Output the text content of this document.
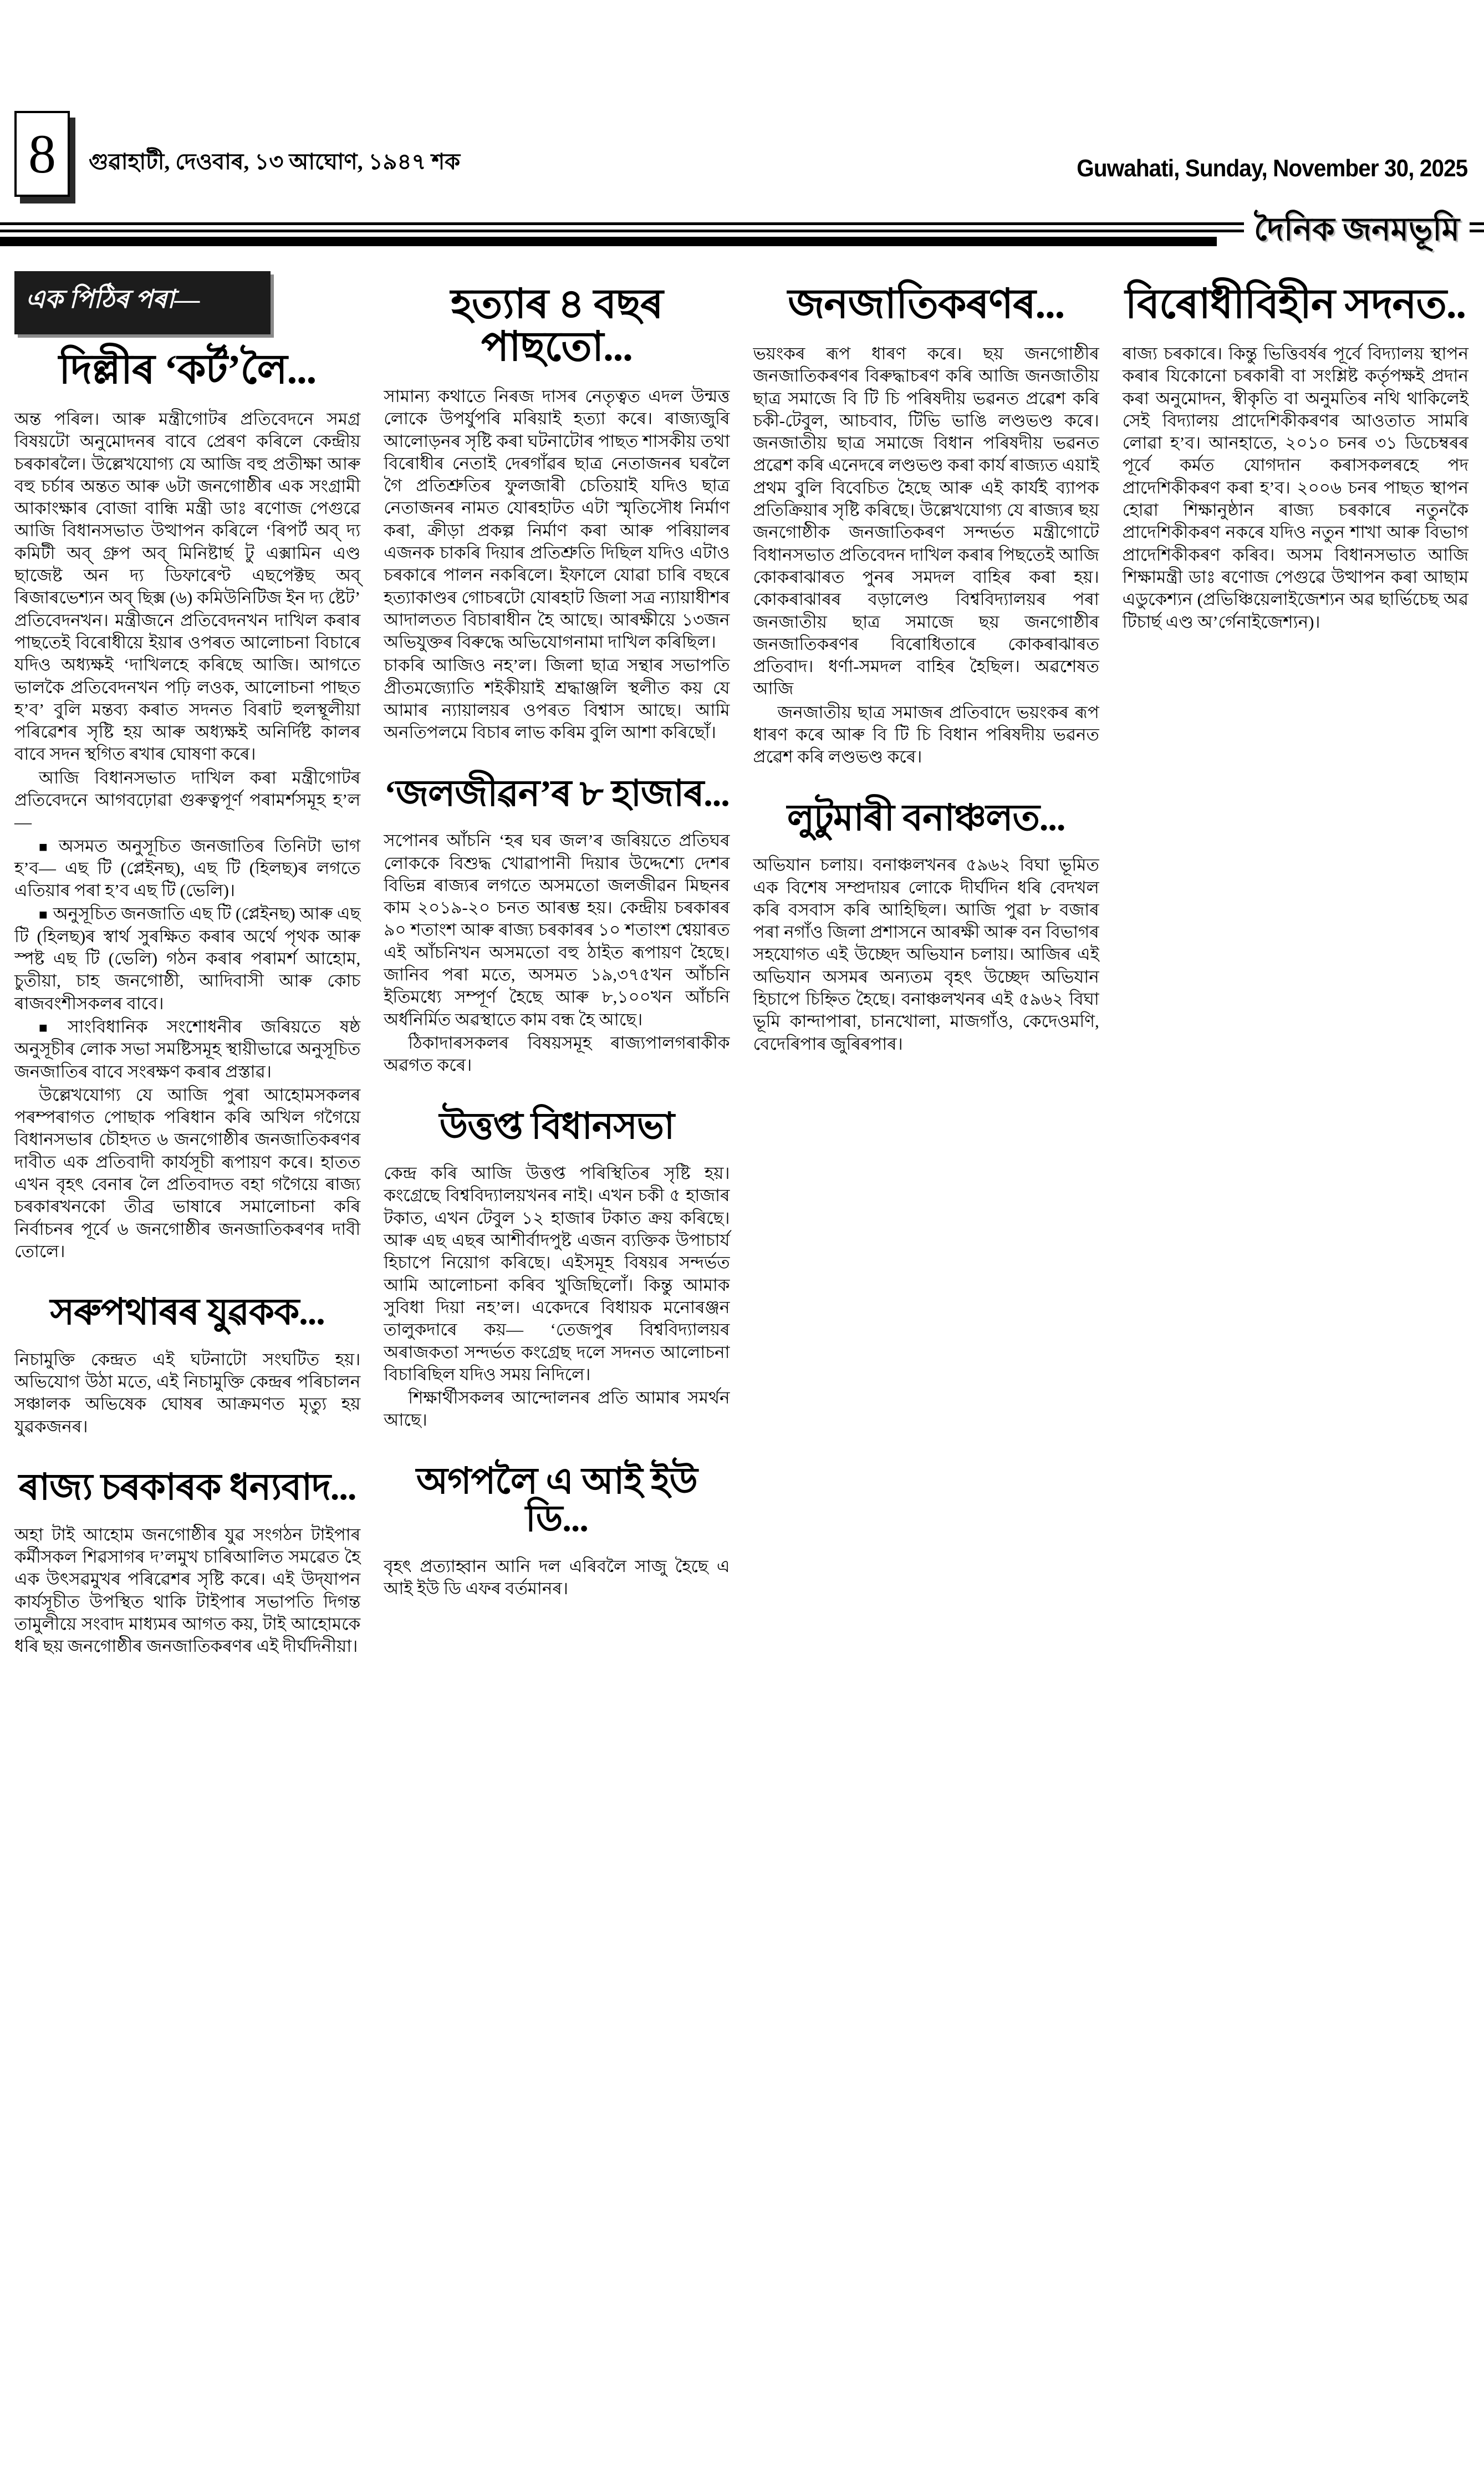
8 গুৱাহাটী, দেওবাৰ, ১৩ আঘোণ, ১৯৪৭ শক	Guwahati, Sunday, November 30, 2025
দৈনিক জনমভূমি
এক পিঠিৰ পৰা—
দিল্লীৰ ‘কৰ্ট’লৈ...

অন্ত পৰিল। আৰু মন্ত্ৰীগোটৰ প্ৰতিবেদনে সমগ্ৰ বিষয়টো অনুমোদনৰ বাবে প্ৰেৰণ কৰিলে কেন্দ্ৰীয় চৰকাৰলৈ। উল্লেখযোগ্য যে আজি বহু প্ৰতীক্ষা আৰু বহু চৰ্চাৰ অন্তত আৰু ৬টা জনগোষ্ঠীৰ এক সংগ্ৰামী আকাংক্ষাৰ বোজা বান্ধি মন্ত্ৰী ডাঃ ৰণোজ পেগুৱে আজি বিধানসভাত উত্থাপন কৰিলে ‘ৰিপৰ্ট অব্‌ দ্য কমিটী অব্‌ গ্ৰুপ অব্‌ মিনিষ্টাৰ্ছ টু এক্সামিন এণ্ড ছাজেষ্ট অন দ্য ডিফাৰেণ্ট এছপেক্টছ অব্‌ ৰিজাৰভেশ্যন অব্‌ ছিক্স (৬) কমিউনিটিজ ইন দ্য ষ্টেট’ প্ৰতিবেদনখন। মন্ত্ৰীজনে প্ৰতিবেদনখন দাখিল কৰাৰ পাছতেই বিৰোধীয়ে ইয়াৰ ওপৰত আলোচনা বিচাৰে যদিও অধ্যক্ষই ‘দাখিলহে কৰিছে আজি। আগতে ভালকৈ প্ৰতিবেদনখন পঢ়ি লওক, আলোচনা পাছত হ’ব’ বুলি মন্তব্য কৰাত সদনত বিৰাট হুলস্থূলীয়া পৰিৱেশৰ সৃষ্টি হয় আৰু অধ্যক্ষই অনিৰ্দিষ্ট কালৰ বাবে সদন স্থগিত ৰখাৰ ঘোষণা কৰে।

আজি বিধানসভাত দাখিল কৰা মন্ত্ৰীগোটৰ প্ৰতিবেদনে আগবঢ়োৱা গুৰুত্বপূৰ্ণ পৰামৰ্শসমূহ হ’ল—

■ অসমত অনুসূচিত জনজাতিৰ তিনিটা ভাগ হ’ব— এছ টি (প্লেইনছ), এছ টি (হিলছ)ৰ লগতে এতিয়াৰ পৰা হ’ব এছ টি (ভেলি)।

■ অনুসূচিত জনজাতি এছ টি (প্লেইনছ) আৰু এছ টি (হিলছ)ৰ স্বাৰ্থ সুৰক্ষিত কৰাৰ অৰ্থে পৃথক আৰু স্পষ্ট এছ টি (ভেলি) গঠন কৰাৰ পৰামৰ্শ আহোম, চুতীয়া, চাহ জনগোষ্ঠী, আদিবাসী আৰু কোচ ৰাজবংশীসকলৰ বাবে।

■ সাংবিধানিক সংশোধনীৰ জৰিয়তে ষষ্ঠ অনুসূচীৰ লোক সভা সমষ্টিসমূহ স্থায়ীভাৱে অনুসূচিত জনজাতিৰ বাবে সংৰক্ষণ কৰাৰ প্ৰস্তাৱ।

উল্লেখযোগ্য যে আজি পুৰা আহোমসকলৰ পৰম্পৰাগত পোছাক পৰিধান কৰি অখিল গগৈয়ে বিধানসভাৰ চৌহদত ৬ জনগোষ্ঠীৰ জনজাতিকৰণৰ দাবীত এক প্ৰতিবাদী কাৰ্যসূচী ৰূপায়ণ কৰে। হাতত এখন বৃহৎ বেনাৰ লৈ প্ৰতিবাদত বহা গগৈয়ে ৰাজ্য চৰকাৰখনকো তীব্ৰ ভাষাৰে সমালোচনা কৰি নিৰ্বাচনৰ পূৰ্বে ৬ জনগোষ্ঠীৰ জনজাতিকৰণৰ দাবী তোলে।

সৰুপথাৰৰ যুৱকক...

নিচামুক্তি কেন্দ্ৰত এই ঘটনাটো সংঘটিত হয়। অভিযোগ উঠা মতে, এই নিচামুক্তি কেন্দ্ৰৰ পৰিচালন সঞ্চালক অভিষেক ঘোষৰ আক্ৰমণত মৃত্যু হয় যুৱকজনৰ।

ৰাজ্য চৰকাৰক ধন্যবাদ...

অহা টাই আহোম জনগোষ্ঠীৰ যুৱ সংগঠন টাইপাৰ কৰ্মীসকল শিৱসাগৰ দ’লমুখ চাৰিআলিত সমৱেত হৈ এক উৎসৱমুখৰ পৰিৱেশৰ সৃষ্টি কৰে। এই উদ্‌যাপন কাৰ্যসূচীত উপস্থিত থাকি টাইপাৰ সভাপতি দিগন্ত তামুলীয়ে সংবাদ মাধ্যমৰ আগত কয়, টাই আহোমকে ধৰি ছয় জনগোষ্ঠীৰ জনজাতিকৰণৰ এই দীৰ্ঘদিনীয়া।

হত্যাৰ ৪ বছৰ পাছতো...

সামান্য কথাতে নিৰজ দাসৰ নেতৃত্বত এদল উন্মত্ত লোকে উপৰ্যুপৰি মৰিয়াই হত্যা কৰে। ৰাজ্যজুৰি আলোড়নৰ সৃষ্টি কৰা ঘটনাটোৰ পাছত শাসকীয় তথা বিৰোধীৰ নেতাই দেৰগাঁৱৰ ছাত্ৰ নেতাজনৰ ঘৰলৈ গৈ প্ৰতিশ্ৰুতিৰ ফুলজাৰী চেতিয়াই যদিও ছাত্ৰ নেতাজনৰ নামত যোৰহাটত এটা স্মৃতিসৌধ নিৰ্মাণ কৰা, ক্ৰীড়া প্ৰকল্প নিৰ্মাণ কৰা আৰু পৰিয়ালৰ এজনক চাকৰি দিয়াৰ প্ৰতিশ্ৰুতি দিছিল যদিও এটাও চৰকাৰে পালন নকৰিলে। ইফালে যোৱা চাৰি বছৰে হত্যাকাণ্ডৰ গোচৰটো যোৰহাট জিলা সত্ৰ ন্যায়াধীশৰ আদালতত বিচাৰাধীন হৈ আছে। আৰক্ষীয়ে ১৩জন অভিযুক্তৰ বিৰুদ্ধে অভিযোগনামা দাখিল কৰিছিল।

চাকৰি আজিও নহ’ল। জিলা ছাত্ৰ সন্থাৰ সভাপতি প্ৰীতমজ্যোতি শইকীয়াই শ্ৰদ্ধাঞ্জলি স্থলীত কয় যে আমাৰ ন্যায়ালয়ৰ ওপৰত বিশ্বাস আছে। আমি অনতিপলমে বিচাৰ লাভ কৰিম বুলি আশা কৰিছোঁ।

‘জলজীৱন’ৰ ৮ হাজাৰ...

সপোনৰ আঁচনি ‘হৰ ঘৰ জল’ৰ জৰিয়তে প্ৰতিঘৰ লোককে বিশুদ্ধ খোৱাপানী দিয়াৰ উদ্দেশ্যে দেশৰ বিভিন্ন ৰাজ্যৰ লগতে অসমতো জলজীৱন মিছনৰ কাম ২০১৯-২০ চনত আৰম্ভ হয়। কেন্দ্ৰীয় চৰকাৰৰ ৯০ শতাংশ আৰু ৰাজ্য চৰকাৰৰ ১০ শতাংশ শ্বেয়াৰত এই আঁচনিখন অসমতো বহু ঠাইত ৰূপায়ণ হৈছে। জানিব পৰা মতে, অসমত ১৯,৩৭৫খন আঁচনি ইতিমধ্যে সম্পূৰ্ণ হৈছে আৰু ৮,১০০খন আঁচনি অৰ্ধনিৰ্মিত অৱস্থাতে কাম বন্ধ হৈ আছে।

ঠিকাদাৰসকলৰ বিষয়সমূহ ৰাজ্যপালগৰাকীক অৱগত কৰে।

উত্তপ্ত বিধানসভা

কেন্দ্ৰ কৰি আজি উত্তপ্ত পৰিস্থিতিৰ সৃষ্টি হয়। কংগ্ৰেছে বিশ্ববিদ্যালয়খনৰ নাই। এখন চকী ৫ হাজাৰ টকাত, এখন টেবুল ১২ হাজাৰ টকাত ক্ৰয় কৰিছে। আৰু এছ এছৰ আশীৰ্বাদপুষ্ট এজন ব্যক্তিক উপাচাৰ্য হিচাপে নিয়োগ কৰিছে। এইসমূহ বিষয়ৰ সন্দৰ্ভত আমি আলোচনা কৰিব খুজিছিলোঁ। কিন্তু আমাক সুবিধা দিয়া নহ’ল। একেদৰে বিধায়ক মনোৰঞ্জন তালুকদাৰে কয়— ‘তেজপুৰ বিশ্ববিদ্যালয়ৰ অৰাজকতা সন্দৰ্ভত কংগ্ৰেছ দলে সদনত আলোচনা বিচাৰিছিল যদিও সময় নিদিলে।

শিক্ষাৰ্থীসকলৰ আন্দোলনৰ প্ৰতি আমাৰ সমৰ্থন আছে।

অগপলৈ এ আই ইউ ডি...

বৃহৎ প্ৰত্যাহ্বান আনি দল এৰিবলৈ সাজু হৈছে এ আই ইউ ডি এফৰ বৰ্তমানৰ।

জনজাতিকৰণৰ...

ভয়ংকৰ ৰূপ ধাৰণ কৰে। ছয় জনগোষ্ঠীৰ জনজাতিকৰণৰ বিৰুদ্ধাচৰণ কৰি আজি জনজাতীয় ছাত্ৰ সমাজে বি টি চি পৰিষদীয় ভৱনত প্ৰৱেশ কৰি চকী-টেবুল, আচবাব, টিভি ভাঙি লণ্ডভণ্ড কৰে। জনজাতীয় ছাত্ৰ সমাজে বিধান পৰিষদীয় ভৱনত প্ৰৱেশ কৰি এনেদৰে লণ্ডভণ্ড কৰা কাৰ্য ৰাজ্যত এয়াই প্ৰথম বুলি বিবেচিত হৈছে আৰু এই কাৰ্যই ব্যাপক প্ৰতিক্ৰিয়াৰ সৃষ্টি কৰিছে। উল্লেখযোগ্য যে ৰাজ্যৰ ছয় জনগোষ্ঠীক জনজাতিকৰণ সন্দৰ্ভত মন্ত্ৰীগোটে বিধানসভাত প্ৰতিবেদন দাখিল কৰাৰ পিছতেই আজি কোকৰাঝাৰত পুনৰ সমদল বাহিৰ কৰা হয়। কোকৰাঝাৰৰ বড়ালেণ্ড বিশ্ববিদ্যালয়ৰ পৰা জনজাতীয় ছাত্ৰ সমাজে ছয় জনগোষ্ঠীৰ জনজাতিকৰণৰ বিৰোধিতাৰে কোকৰাঝাৰত প্ৰতিবাদ। ধৰ্ণা-সমদল বাহিৰ হৈছিল। অৱশেষত আজি

জনজাতীয় ছাত্ৰ সমাজৰ প্ৰতিবাদে ভয়ংকৰ ৰূপ ধাৰণ কৰে আৰু বি টি চি বিধান পৰিষদীয় ভৱনত প্ৰৱেশ কৰি লণ্ডভণ্ড কৰে।

লুটুমাৰী বনাঞ্চলত...

অভিযান চলায়। বনাঞ্চলখনৰ ৫৯৬২ বিঘা ভূমিত এক বিশেষ সম্প্ৰদায়ৰ লোকে দীৰ্ঘদিন ধৰি বেদখল কৰি বসবাস কৰি আহিছিল। আজি পুৱা ৮ বজাৰ পৰা নগাঁও জিলা প্ৰশাসনে আৰক্ষী আৰু বন বিভাগৰ সহযোগত এই উচ্ছেদ অভিযান চলায়। আজিৰ এই অভিযান অসমৰ অন্যতম বৃহৎ উচ্ছেদ অভিযান হিচাপে চিহ্নিত হৈছে। বনাঞ্চলখনৰ এই ৫৯৬২ বিঘা ভূমি কান্দাপাৰা, চানখোলা, মাজগাঁও, কেদেওমণি, বেদেৰিপাৰ জুৰিৰপাৰ।

বিৰোধীবিহীন সদনত..

ৰাজ্য চৰকাৰে। কিন্তু ভিত্তিবৰ্ষৰ পূৰ্বে বিদ্যালয় স্থাপন কৰাৰ যিকোনো চৰকাৰী বা সংশ্লিষ্ট কৰ্তৃপক্ষই প্ৰদান কৰা অনুমোদন, স্বীকৃতি বা অনুমতিৰ নথি থাকিলেই সেই বিদ্যালয় প্ৰাদেশিকীকৰণৰ আওতাত সামৰি লোৱা হ’ব। আনহাতে, ২০১০ চনৰ ৩১ ডিচেম্বৰৰ পূৰ্বে কৰ্মত যোগদান কৰাসকলৰহে পদ প্ৰাদেশিকীকৰণ কৰা হ’ব। ২০০৬ চনৰ পাছত স্থাপন হোৱা শিক্ষানুষ্ঠান ৰাজ্য চৰকাৰে নতুনকৈ প্ৰাদেশিকীকৰণ নকৰে যদিও নতুন শাখা আৰু বিভাগ প্ৰাদেশিকীকৰণ কৰিব। অসম বিধানসভাত আজি শিক্ষামন্ত্ৰী ডাঃ ৰণোজ পেগুৱে উত্থাপন কৰা আছাম এডুকেশ্যন (প্ৰভিঞ্চিয়েলাইজেশ্যন অৱ ছাৰ্ভিচেছ অৱ টিচাৰ্ছ এণ্ড অ’ৰ্গেনাইজেশ্যন)।
